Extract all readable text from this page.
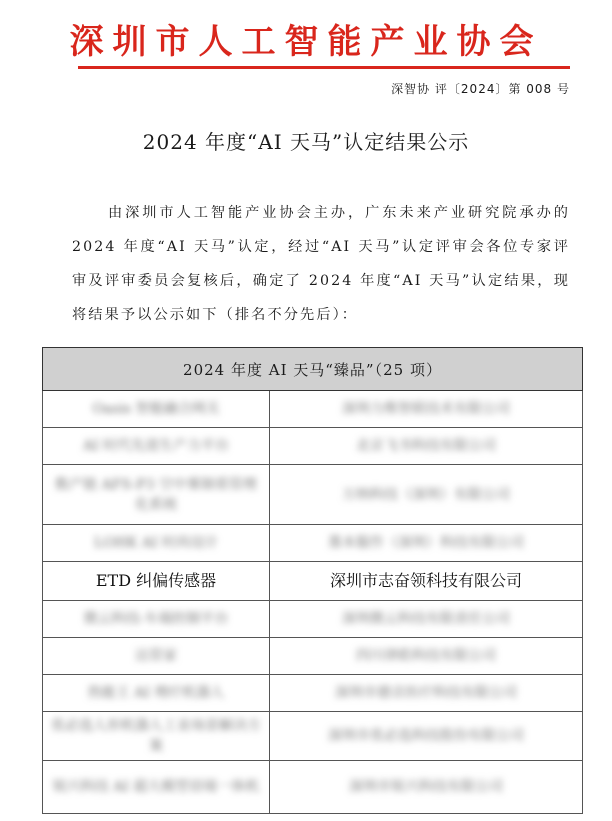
深圳市人工智能产业协会
深智协 评〔2024〕第 008 号
2024 年度“AI 天马”认定结果公示
由深圳市人工智能产业协会主办，广东未来产业研究院承办的 2024 年度“AI 天马”认定，经过“AI 天马”认定评审会各位专家评审及评审委员会复核后，确定了 2024 年度“AI 天马”认定结果，现将结果予以公示如下（排名不分先后）：
2024 年度 AI 天马“臻品”（25 项）	
Oasis 智能融合网关	深圳力维智联技术有限公司
AI 时代先进生产力平台	北京飞书科技有限公司
数产链 AFS-P3 空中雾制看管理化系统	万纳科技（深圳）有限公司
LOHK AI 时尚设计	墨本服作（深圳）科技有限公司
ETD 纠偏传感器	深圳市志奋领科技有限公司
微云科技-车端控制平台	深圳微云科技有限责任公司
达管家	四川律皓科技有限公司
热能王 AI 理疗机器人	深圳市德音医疗科技有限公司
优必选人形机器人工业场景解决方案	深圳市优必选科技股份有限公司
锐兴科技 AI 超大模型语境一体机	深圳市锐兴科技有限公司
